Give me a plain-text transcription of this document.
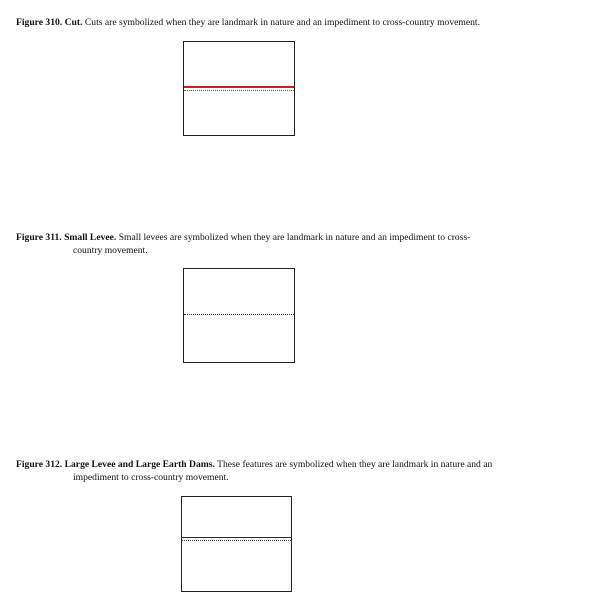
Figure 310. Cut. Cuts are symbolized when they are landmark in nature and an impediment to cross-country movement.
Figure 311. Small Levee. Small levees are symbolized when they are landmark in nature and an impediment to cross-
country movement.
Figure 312. Large Levee and Large Earth Dams. These features are symbolized when they are landmark in nature and an
impediment to cross-country movement.
